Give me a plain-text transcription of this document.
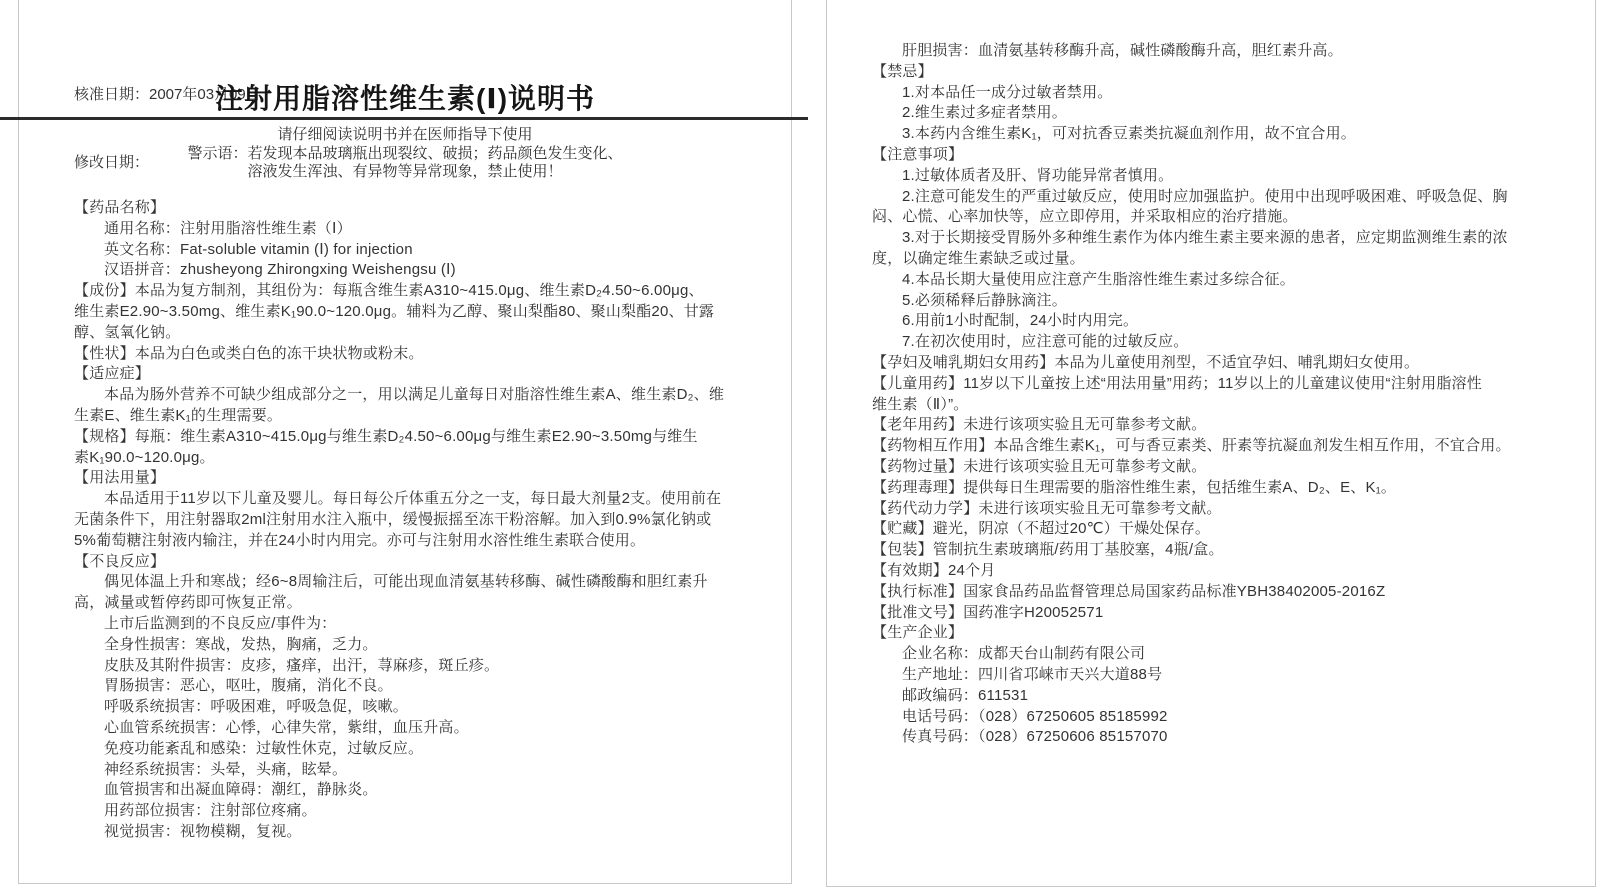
核准日期：2007年03月09日

修改日期：

注射用脂溶性维生素(Ⅰ)说明书
请仔细阅读说明书并在医师指导下使用
警示语：若发现本品玻璃瓶出现裂纹、破损；药品颜色发生变化、
溶液发生浑浊、有异物等异常现象，禁止使用！
【药品名称】
通用名称：注射用脂溶性维生素（Ⅰ）
英文名称：Fat-soluble vitamin (Ⅰ) for injection
汉语拼音：zhusheyong Zhirongxing Weishengsu (Ⅰ)
【成份】本品为复方制剂，其组份为：每瓶含维生素A310~415.0μg、维生素D₂4.50~6.00μg、
维生素E2.90~3.50mg、维生素K₁90.0~120.0μg。辅料为乙醇、聚山梨酯80、聚山梨酯20、甘露
醇、氢氧化钠。
【性状】本品为白色或类白色的冻干块状物或粉末。
【适应症】
本品为肠外营养不可缺少组成部分之一，用以满足儿童每日对脂溶性维生素A、维生素D₂、维
生素E、维生素K₁的生理需要。
【规格】每瓶：维生素A310~415.0μg与维生素D₂4.50~6.00μg与维生素E2.90~3.50mg与维生
素K₁90.0~120.0μg。
【用法用量】
本品适用于11岁以下儿童及婴儿。每日每公斤体重五分之一支，每日最大剂量2支。使用前在
无菌条件下，用注射器取2ml注射用水注入瓶中，缓慢振摇至冻干粉溶解。加入到0.9%氯化钠或
5%葡萄糖注射液内输注，并在24小时内用完。亦可与注射用水溶性维生素联合使用。
【不良反应】
偶见体温上升和寒战；经6~8周输注后，可能出现血清氨基转移酶、碱性磷酸酶和胆红素升
高，减量或暂停药即可恢复正常。
上市后监测到的不良反应/事件为：
全身性损害：寒战，发热，胸痛，乏力。
皮肤及其附件损害：皮疹，瘙痒，出汗，荨麻疹，斑丘疹。
胃肠损害：恶心，呕吐，腹痛，消化不良。
呼吸系统损害：呼吸困难，呼吸急促，咳嗽。
心血管系统损害：心悸，心律失常，紫绀，血压升高。
免疫功能紊乱和感染：过敏性休克，过敏反应。
神经系统损害：头晕，头痛，眩晕。
血管损害和出凝血障碍：潮红，静脉炎。
用药部位损害：注射部位疼痛。
视觉损害：视物模糊，复视。
肝胆损害：血清氨基转移酶升高，碱性磷酸酶升高，胆红素升高。
【禁忌】
1.对本品任一成分过敏者禁用。
2.维生素过多症者禁用。
3.本药内含维生素K₁，可对抗香豆素类抗凝血剂作用，故不宜合用。
【注意事项】
1.过敏体质者及肝、肾功能异常者慎用。
2.注意可能发生的严重过敏反应，使用时应加强监护。使用中出现呼吸困难、呼吸急促、胸
闷、心慌、心率加快等，应立即停用，并采取相应的治疗措施。
3.对于长期接受胃肠外多种维生素作为体内维生素主要来源的患者，应定期监测维生素的浓
度，以确定维生素缺乏或过量。
4.本品长期大量使用应注意产生脂溶性维生素过多综合征。
5.必须稀释后静脉滴注。
6.用前1小时配制，24小时内用完。
7.在初次使用时，应注意可能的过敏反应。
【孕妇及哺乳期妇女用药】本品为儿童使用剂型，不适宜孕妇、哺乳期妇女使用。
【儿童用药】11岁以下儿童按上述“用法用量”用药；11岁以上的儿童建议使用“注射用脂溶性
维生素（Ⅱ）”。
【老年用药】未进行该项实验且无可靠参考文献。
【药物相互作用】本品含维生素K₁，可与香豆素类、肝素等抗凝血剂发生相互作用，不宜合用。
【药物过量】未进行该项实验且无可靠参考文献。
【药理毒理】提供每日生理需要的脂溶性维生素，包括维生素A、D₂、E、K₁。
【药代动力学】未进行该项实验且无可靠参考文献。
【贮藏】避光，阴凉（不超过20℃）干燥处保存。
【包装】管制抗生素玻璃瓶/药用丁基胶塞，4瓶/盒。
【有效期】24个月
【执行标准】国家食品药品监督管理总局国家药品标准YBH38402005-2016Z
【批准文号】国药准字H20052571
【生产企业】
企业名称：成都天台山制药有限公司
生产地址：四川省邛崃市天兴大道88号
邮政编码：611531
电话号码：（028）67250605 85185992
传真号码：（028）67250606 85157070
